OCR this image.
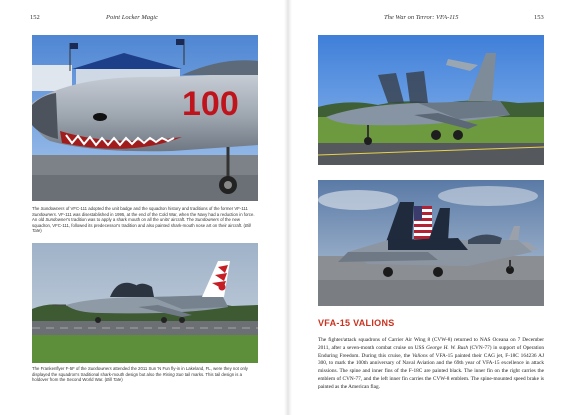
152	Point Locker Magic
100
The Sundowners of VFC-111 adopted the unit badge and the squadron history and traditions of the former VF-111 Sundowners. VF-111 was disestablished in 1995, at the end of the Cold War, when the Navy had a reduction in force. An old Sundowner's tradition was to apply a shark mouth on all the units' aircraft. The Sundowners of the new squadron, VFC-111, followed its predecessor's tradition and also painted shark-mouth nose art on their aircraft. (Bill Tate)
The Frankenflyer F-5F of the Sundowners attended the 2011 Sun 'N Fun fly-in in Lakeland, FL, were they not only displayed the squadron's traditional shark-mouth design but also the Rising Sun tail marks. This tail design is a holdover from the Second World War. (Bill Tate)
The War on Terror: VFA-115	153
VFA-15 VALIONS
The fighter/attack squadrons of Carrier Air Wing 8 (CVW-8) returned to NAS Oceana on 7 December 2011, after a seven-month combat cruise on USS George H. W. Bush (CVN-77) in support of Operation Enduring Freedom. During this cruise, the Valions of VFA-15 painted their CAG jet, F-18C 164236 AJ 300, to mark the 100th anniversary of Naval Aviation and the 69th year of VFA-15 excellence in attack missions. The spine and inner fins of the F-18C are painted black. The inner fin on the right carries the emblem of CVN-77, and the left inner fin carries the CVW-8 emblem. The spine-mounted speed brake is painted as the American flag.
